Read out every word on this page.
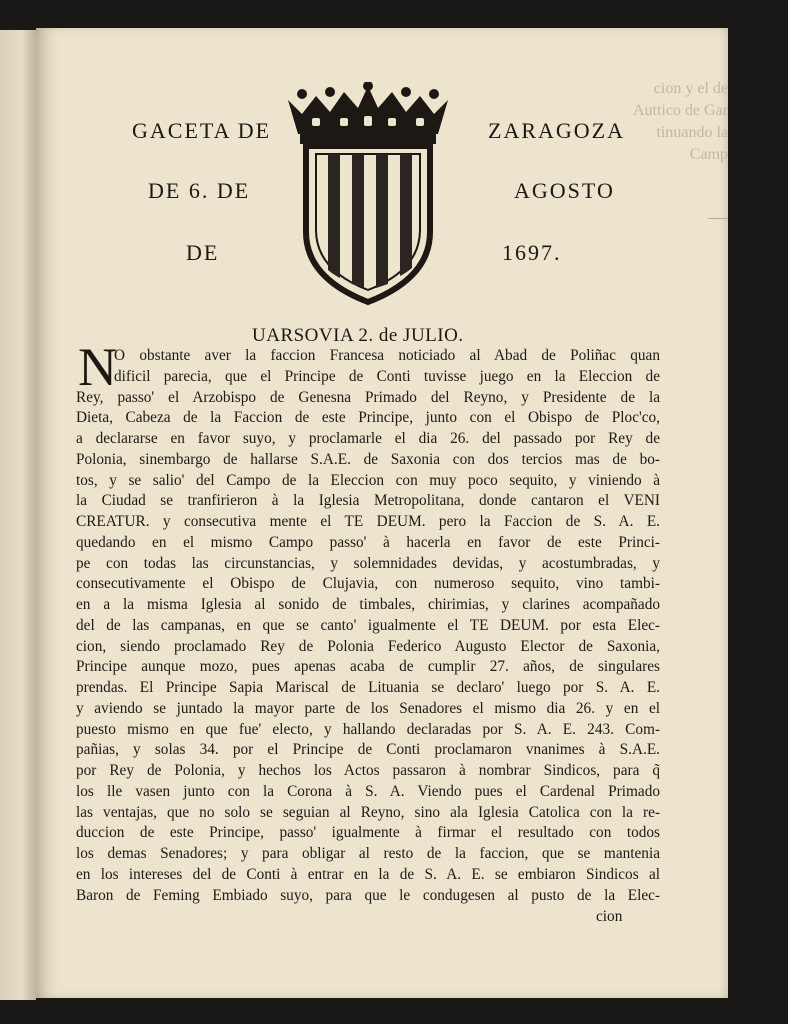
cion y el de
Auttico de Gar
tinuando la Camp
GACETA DE	ZARAGOZA
DE 6. DE	AGOSTO
DE	1697.
UARSOVIA 2. de JULIO.
N
O obstante aver la faccion Francesa noticiado al Abad de Poliñac quan
dificil parecia, que el Principe de Conti tuvisse juego en la Eleccion de
Rey, passo' el Arzobispo de Genesna Primado del Reyno, y Presidente de la
Dieta, Cabeza de la Faccion de este Principe, junto con el Obispo de Ploc'co,
a declararse en favor suyo, y proclamarle el dia 26. del passado por Rey de
Polonia, sinembargo de hallarse S.A.E. de Saxonia con dos tercios mas de bo-
tos, y se salio' del Campo de la Eleccion con muy poco sequito, y viniendo à
la Ciudad se tranfirieron à la Iglesia Metropolitana, donde cantaron el VENI
CREATUR. y consecutiva mente el TE DEUM. pero la Faccion de S. A. E.
quedando en el mismo Campo passo' à hacerla en favor de este Princi-
pe con todas las circunstancias, y solemnidades devidas, y acostumbradas, y
consecutivamente el Obispo de Clujavia, con numeroso sequito, vino tambi-
en a la misma Iglesia al sonido de timbales, chirimias, y clarines acompañado
del de las campanas, en que se canto' igualmente el TE DEUM. por esta Elec-
cion, siendo proclamado Rey de Polonia Federico Augusto Elector de Saxonia,
Principe aunque mozo, pues apenas acaba de cumplir 27. años, de singulares
prendas. El Principe Sapia Mariscal de Lituania se declaro' luego por S. A. E.
y aviendo se juntado la mayor parte de los Senadores el mismo dia 26. y en el
puesto mismo en que fue' electo, y hallando declaradas por S. A. E. 243. Com-
pañias, y solas 34. por el Principe de Conti proclamaron vnanimes à S.A.E.
por Rey de Polonia, y hechos los Actos passaron à nombrar Sindicos, para q̃
los lle vasen junto con la Corona à S. A. Viendo pues el Cardenal Primado
las ventajas, que no solo se seguian al Reyno, sino ala Iglesia Catolica con la re-
duccion de este Principe, passo' igualmente à firmar el resultado con todos
los demas Senadores; y para obligar al resto de la faccion, que se mantenia
en los intereses del de Conti à entrar en la de S. A. E. se embiaron Sindicos al
Baron de Feming Embiado suyo, para que le condugesen al pusto de la Elec-
cion
